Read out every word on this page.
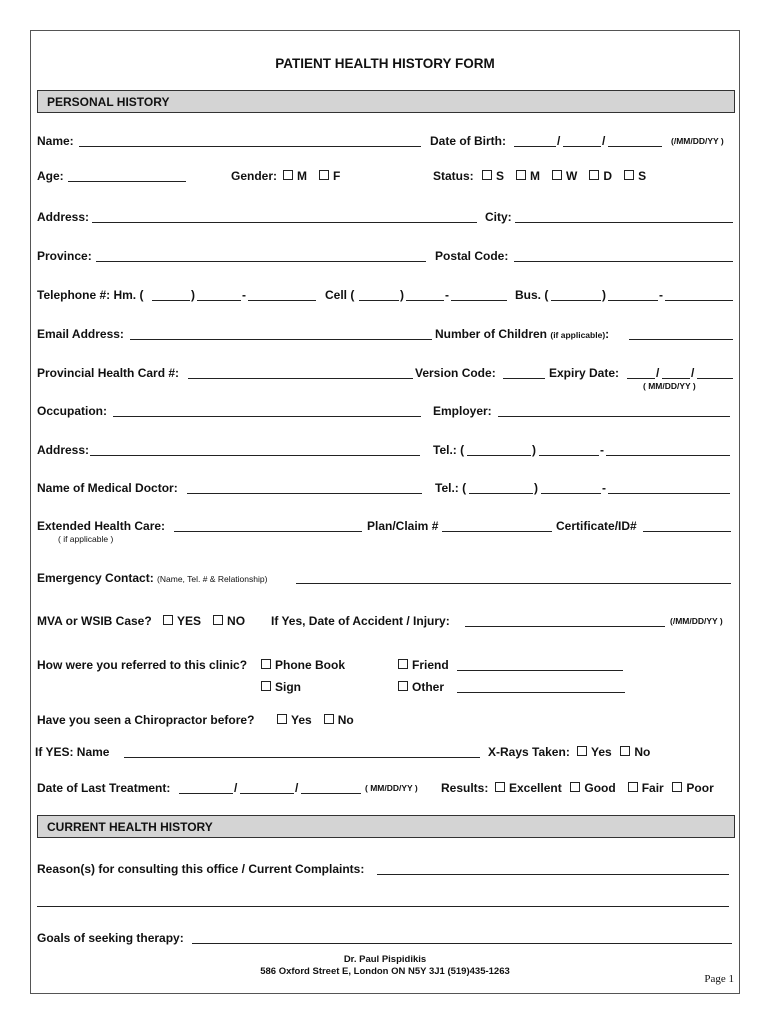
PATIENT HEALTH HISTORY FORM
PERSONAL HISTORY
Name:	Date of Birth:	/	/	(/MM/DD/YY )
Age:	Gender:	M F	Status:	S M W D S
Address:	City:
Province:	Postal Code:
Telephone #: Hm. (	)	-	Cell (	)	-	Bus. (	)	-
Email Address:	Number of Children (if applicable):
Provincial Health Card #:	Version Code:	Expiry Date:	/	/
( MM/DD/YY )
Occupation:	Employer:
Address:	Tel.: (	)	-
Name of Medical Doctor:	Tel.: (	)	-
Extended Health Care:	Plan/Claim #	Certificate/ID#
( if applicable )
Emergency Contact: (Name, Tel. # & Relationship)
MVA or WSIB Case?	YES NO If Yes, Date of Accident / Injury:	(/MM/DD/YY )
How were you referred to this clinic?	Phone Book	Friend
Sign	Other
Have you seen a Chiropractor before?	Yes No
If YES: Name	X-Rays Taken:	Yes No
Date of Last Treatment:	/	/	( MM/DD/YY ) Results:	Excellent Good Fair Poor
CURRENT HEALTH HISTORY
Reason(s) for consulting this office / Current Complaints:
Goals of seeking therapy:
Dr. Paul Pispidikis
586 Oxford Street E, London ON N5Y 3J1 (519)435-1263
Page 1
